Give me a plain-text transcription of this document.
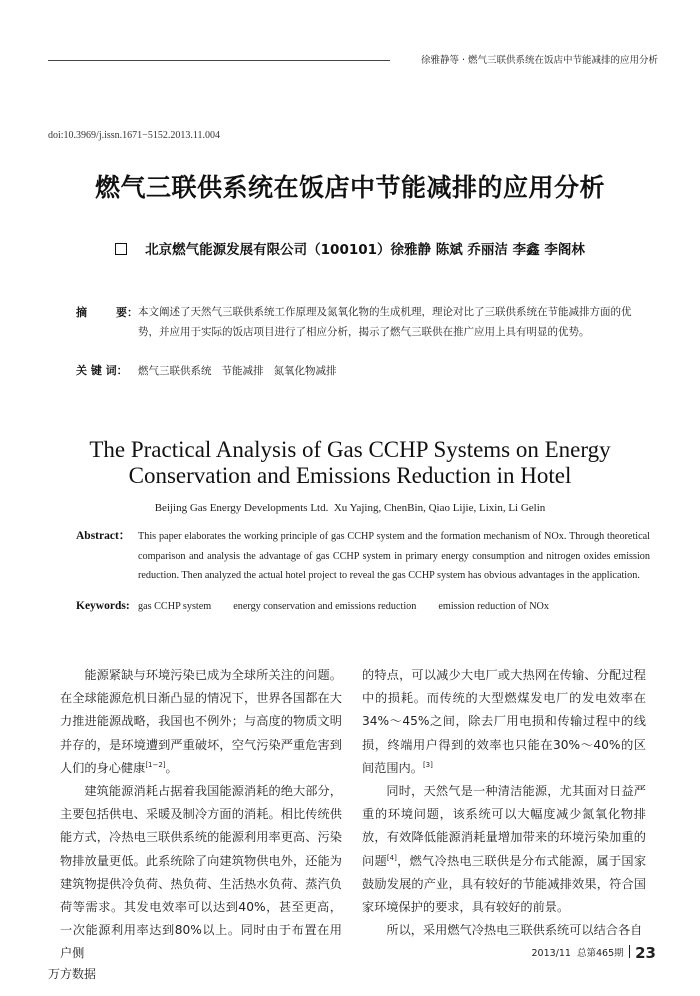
徐雅静等 · 燃气三联供系统在饭店中节能减排的应用分析
doi:10.3969/j.issn.1671−5152.2013.11.004
燃气三联供系统在饭店中节能减排的应用分析
北京燃气能源发展有限公司（100101）徐雅静 陈斌 乔丽洁 李鑫 李阁林
摘	要： 本文阐述了天然气三联供系统工作原理及氮氧化物的生成机理，理论对比了三联供系统在节能减排方面的优势，并应用于实际的饭店项目进行了相应分析，揭示了燃气三联供在推广应用上具有明显的优势。
关 键 词： 燃气三联供系统   节能减排   氮氧化物减排
The Practical Analysis of Gas CCHP Systems on Energy
Conservation and Emissions Reduction in Hotel
Beijing Gas Energy Developments Ltd.  Xu Yajing, ChenBin, Qiao Lijie, Lixin, Li Gelin
Abstract： This paper elaborates the working principle of gas CCHP system and the formation mechanism of NOx. Through theoretical comparison and analysis the advantage of gas CCHP system in primary energy consumption and nitrogen oxides emission reduction. Then analyzed the actual hotel project to reveal the gas CCHP system has obvious advantages in the application.
Keywords: gas CCHP system energy conservation and emissions reduction emission reduction of NOx

能源紧缺与环境污染已成为全球所关注的问题。在全球能源危机日渐凸显的情况下，世界各国都在大力推进能源战略，我国也不例外；与高度的物质文明并存的，是环境遭到严重破坏，空气污染严重危害到人们的身心健康[1−2]。

建筑能源消耗占据着我国能源消耗的绝大部分，主要包括供电、采暖及制冷方面的消耗。相比传统供能方式，冷热电三联供系统的能源利用率更高、污染物排放量更低。此系统除了向建筑物供电外，还能为建筑物提供冷负荷、热负荷、生活热水负荷、蒸汽负荷等需求。其发电效率可以达到40%，甚至更高，一次能源利用率达到80%以上。同时由于布置在用户侧

的特点，可以减少大电厂或大热网在传输、分配过程中的损耗。而传统的大型燃煤发电厂的发电效率在34%～45%之间，除去厂用电损和传输过程中的线损，终端用户得到的效率也只能在30%～40%的区间范围内。[3]

同时，天然气是一种清洁能源，尤其面对日益严重的环境问题，该系统可以大幅度减少氮氧化物排放，有效降低能源消耗量增加带来的环境污染加重的问题[4]，燃气冷热电三联供是分布式能源，属于国家鼓励发展的产业，具有较好的节能减排效果，符合国家环境保护的要求，具有较好的前景。

所以，采用燃气冷热电三联供系统可以结合各自

2013/11  总第465期 23
万方数据
